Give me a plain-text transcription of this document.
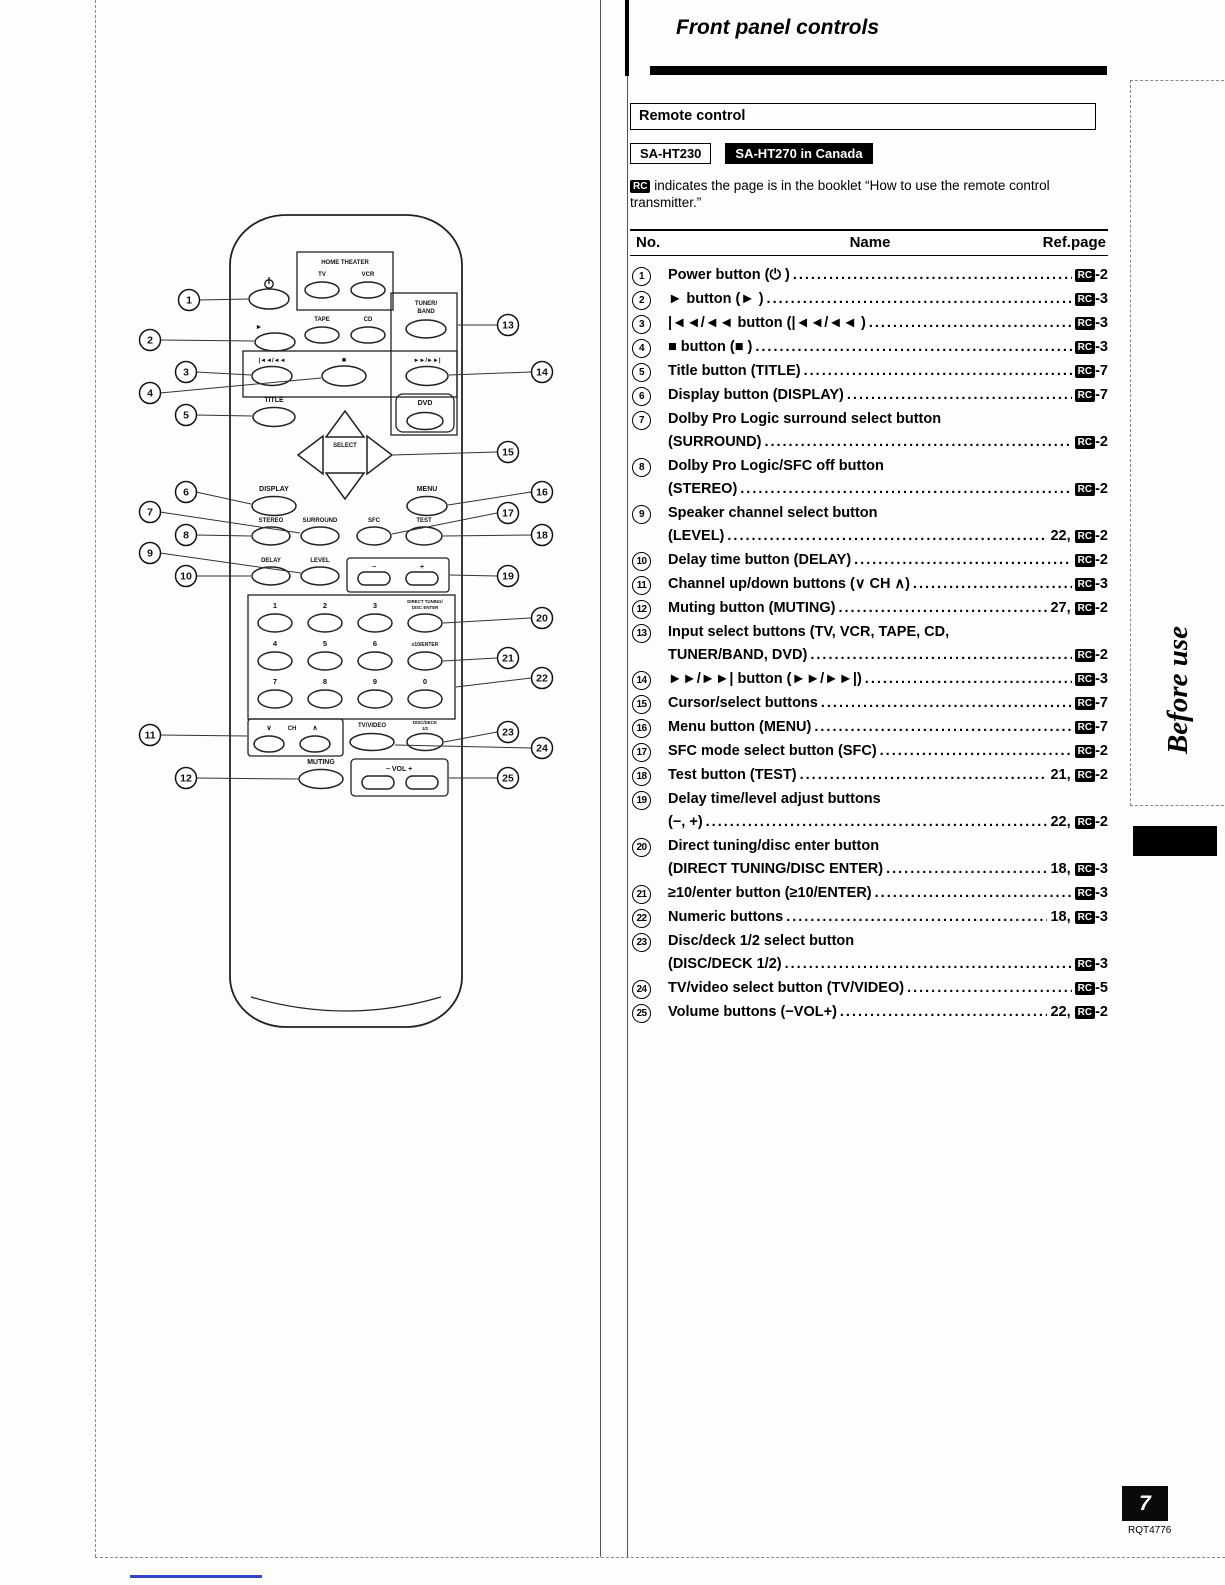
HOME THEATER
TV	VCR
TAPE	CD
TUNER/
BAND
►
|◄◄/◄◄	■	►►/►►|
TITLE	DVD
SELECT
DISPLAY	MENU
STEREO	SURROUND	SFC	TEST
DELAY	LEVEL
−	+
1	2	3	DIRECT TUNING/
DISC ENTER
4	5	6	≥10/ENTER
7	8	9	0
∨	CH ∧	TV/VIDEO
DISC/DECK
1/2
MUTING
− VOL +
1
2
3
4
5
6
7
8
9
10
11
12
13
14
15
16
17
18
19
20
21
22
23
24
25
Front panel controls
Remote control
SA-HT230	SA-HT270 in Canada

RC indicates the page is in the booklet “How to use the remote control transmitter.”

No.	Name	Ref.page
1	Power button (⏻ ) .....	RC -2
2	► button (► ) .....	RC -3
3	|◄◄/◄◄ button (|◄◄/◄◄ ) .....	RC -3
4	■ button (■ ) .....	RC -3
5	Title button (TITLE) .....	RC -7
6	Display button (DISPLAY) .....	RC -7
7	Dolby Pro Logic surround select button
(SURROUND) .....	RC -2
8	Dolby Pro Logic/SFC off button
(STEREO) .....	RC -2
9	Speaker channel select button
(LEVEL) .....	22, RC -2
10	Delay time button (DELAY) .....	RC -2
11	Channel up/down buttons (∨ CH ∧) .....	RC -3
12	Muting button (MUTING) .....	27, RC -2
13	Input select buttons (TV, VCR, TAPE, CD,
TUNER/BAND, DVD) .....	RC -2
14	►►/►►| button (►►/►►|) .....	RC -3
15	Cursor/select buttons .....	RC -7
16	Menu button (MENU) .....	RC -7
17	SFC mode select button (SFC) .....	RC -2
18	Test button (TEST) .....	21, RC -2
19	Delay time/level adjust buttons
(−, +) .....	22, RC -2
20	Direct tuning/disc enter button
(DIRECT TUNING/DISC ENTER) .....	18, RC -3
21	≥10/enter button (≥10/ENTER) .....	RC -3
22	Numeric buttons .....	18, RC -3
23	Disc/deck 1/2 select button
(DISC/DECK 1/2) .....	RC -3
24	TV/video select button (TV/VIDEO) .....	RC -5
25	Volume buttons (−VOL+) .....	22, RC -2
Before use
7
RQT4776
